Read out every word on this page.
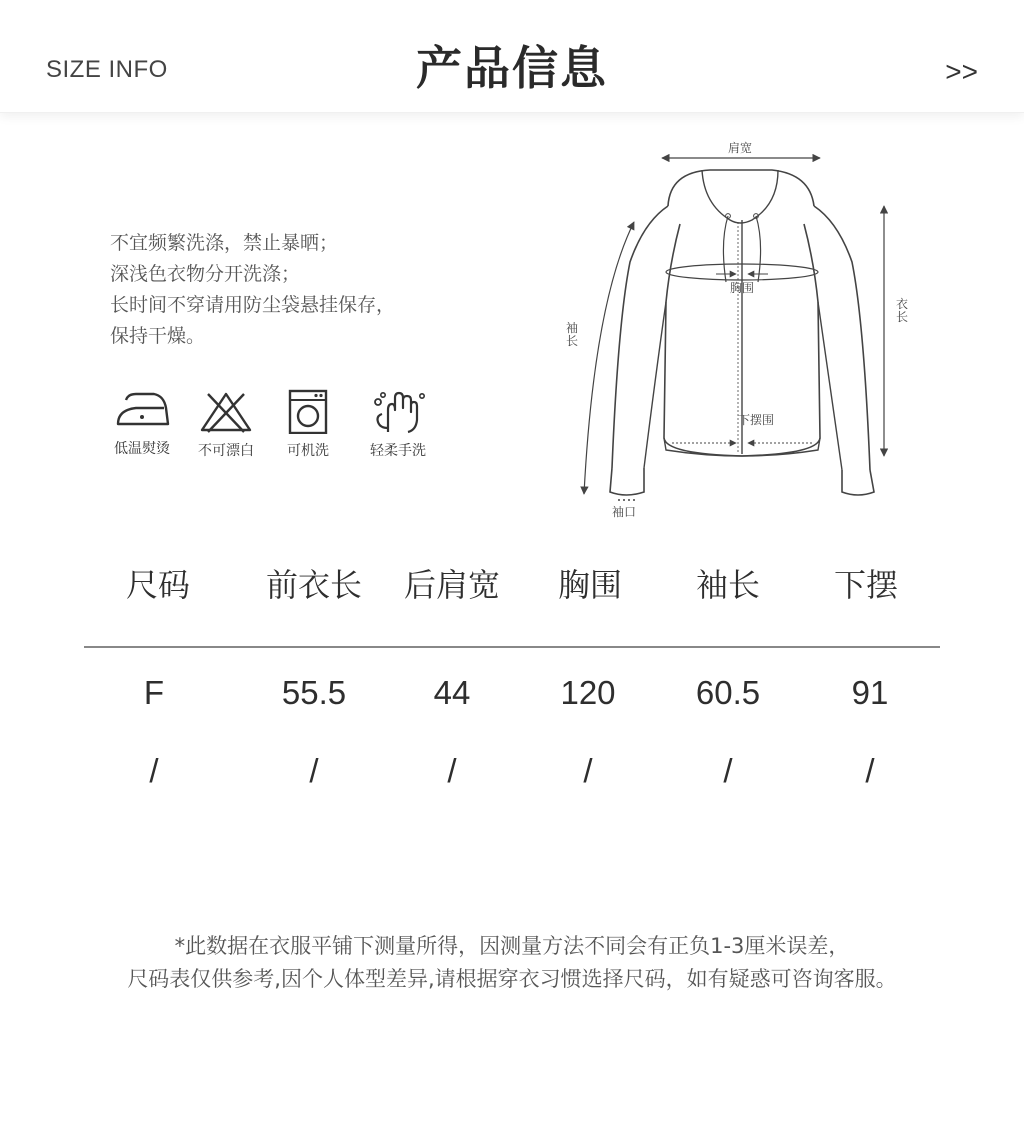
SIZE INFO	产品信息	>>
不宜频繁洗涤，禁止暴晒；
深浅色衣物分开洗涤；
长时间不穿请用防尘袋悬挂保存，
保持干燥。
低温熨烫	不可漂白	可机洗	轻柔手洗
肩宽
胸围
衣长
袖长
下摆围
袖口
尺码 前衣长 后肩宽 胸围 袖长 下摆
F	55.5	44	120 60.5	91
/	/	/	/	/	/
*此数据在衣服平铺下测量所得，因测量方法不同会有正负1-3厘米误差，
尺码表仅供参考,因个人体型差异,请根据穿衣习惯选择尺码，如有疑惑可咨询客服。
